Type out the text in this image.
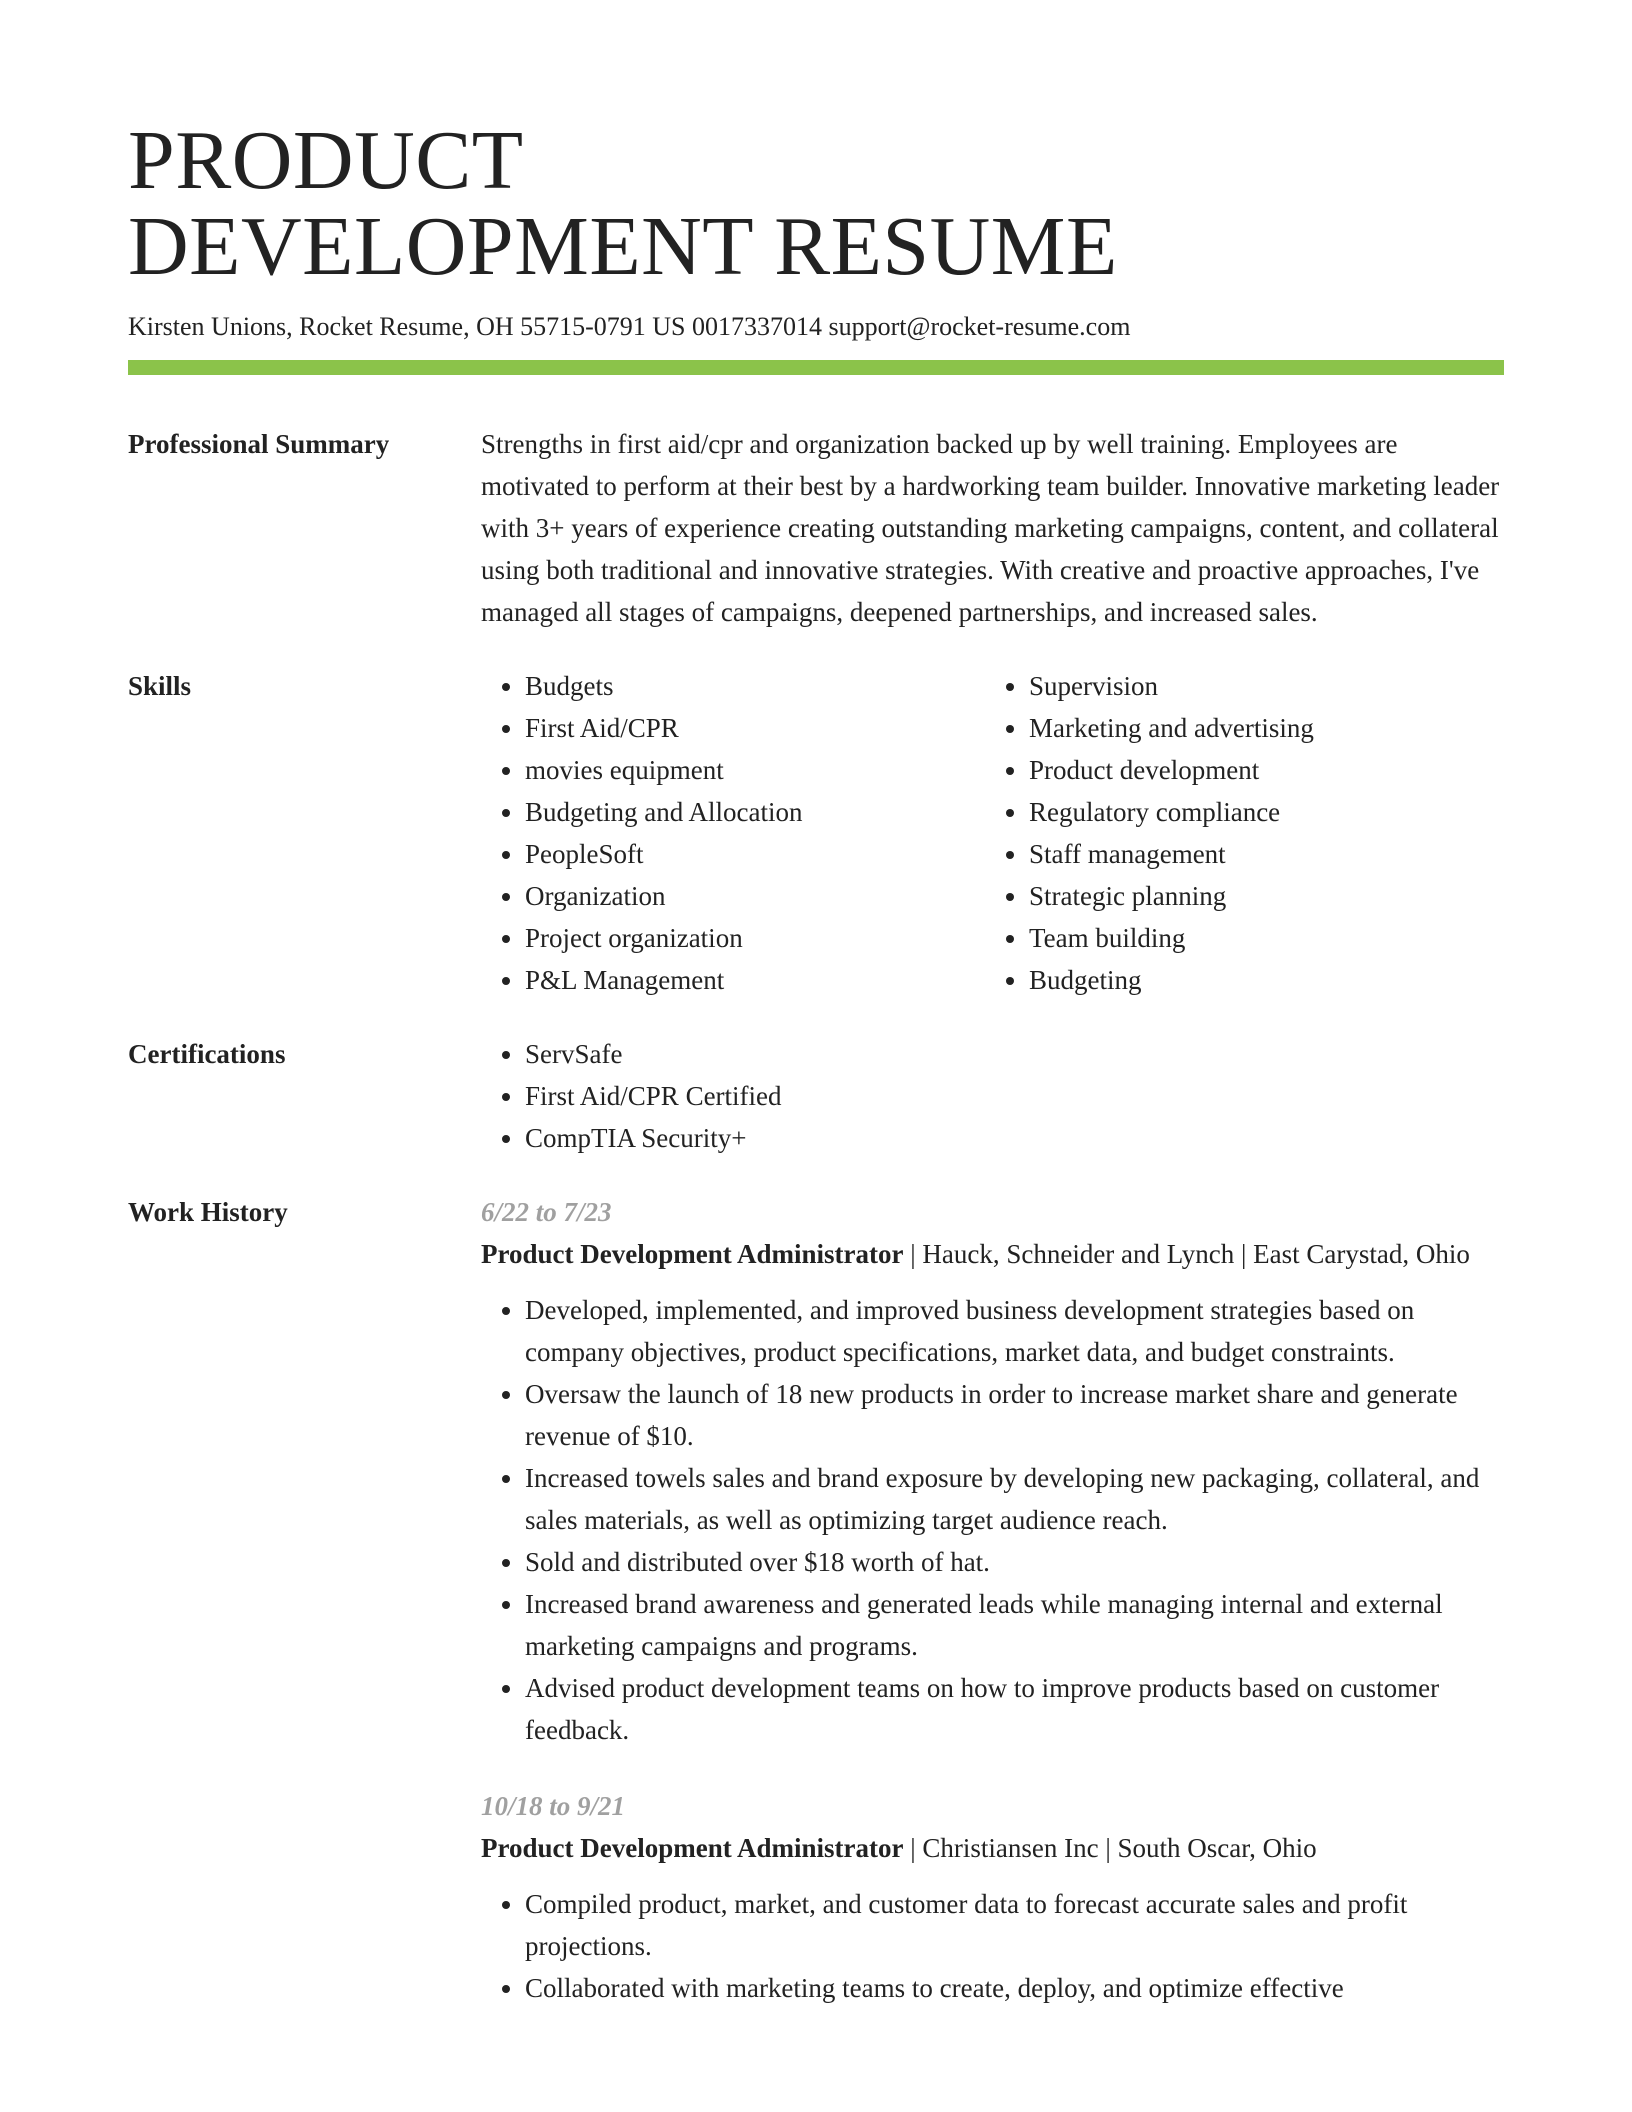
PRODUCT
DEVELOPMENT RESUME
Kirsten Unions, Rocket Resume, OH 55715-0791 US 0017337014 support@rocket-resume.com
Professional Summary	Strengths in first aid/cpr and organization backed up by well training. Employees are motivated to perform at their best by a hardworking team builder. Innovative marketing leader with 3+ years of experience creating outstanding marketing campaigns, content, and collateral using both traditional and innovative strategies. With creative and proactive approaches, I've managed all stages of campaigns, deepened partnerships, and increased sales.

Skills	• Budgets
• First Aid/CPR
• movies equipment
• Budgeting and Allocation
• PeopleSoft
• Organization
• Project organization
• P&L Management
• Supervision
• Marketing and advertising
• Product development
• Regulatory compliance
• Staff management
• Strategic planning
• Team building
• Budgeting
Certifications	• ServSafe
• First Aid/CPR Certified
• CompTIA Security+
Work History	6/22 to 7/23

Product Development Administrator | Hauck, Schneider and Lynch | East Carystad, Ohio

• Developed, implemented, and improved business development strategies based on company objectives, product specifications, market data, and budget constraints.
• Oversaw the launch of 18 new products in order to increase market share and generate revenue of $10.
• Increased towels sales and brand exposure by developing new packaging, collateral, and sales materials, as well as optimizing target audience reach.
• Sold and distributed over $18 worth of hat.
• Increased brand awareness and generated leads while managing internal and external marketing campaigns and programs.
• Advised product development teams on how to improve products based on customer feedback.
10/18 to 9/21

Product Development Administrator | Christiansen Inc | South Oscar, Ohio

• Compiled product, market, and customer data to forecast accurate sales and profit projections.
• Collaborated with marketing teams to create, deploy, and optimize effective
